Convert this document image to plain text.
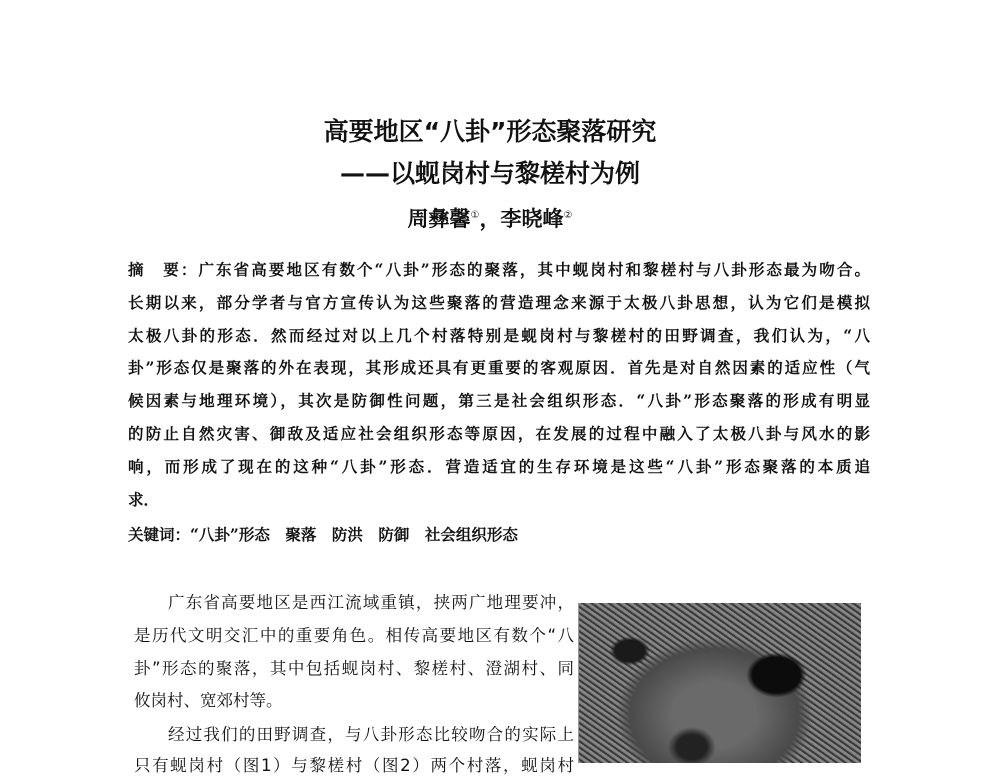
高要地区“八卦”形态聚落研究
——以蚬岗村与黎槎村为例
周彝馨①，李晓峰②
摘　要：广东省高要地区有数个“八卦”形态的聚落，其中蚬岗村和黎槎村与八卦形态最为吻合。
长期以来，部分学者与官方宣传认为这些聚落的营造理念来源于太极八卦思想，认为它们是模拟
太极八卦的形态．然而经过对以上几个村落特别是蚬岗村与黎槎村的田野调查，我们认为，“八
卦”形态仅是聚落的外在表现，其形成还具有更重要的客观原因．首先是对自然因素的适应性（气
候因素与地理环境），其次是防御性问题，第三是社会组织形态．“八卦”形态聚落的形成有明显
的防止自然灾害、御敌及适应社会组织形态等原因，在发展的过程中融入了太极八卦与风水的影
响，而形成了现在的这种“八卦”形态．营造适宜的生存环境是这些“八卦”形态聚落的本质追
求．
关键词：“八卦”形态　聚落　防洪　防御　社会组织形态
广东省高要地区是西江流域重镇，挟两广地理要冲，
是历代文明交汇中的重要角色。相传高要地区有数个“八
卦”形态的聚落，其中包括蚬岗村、黎槎村、澄湖村、同
攸岗村、宽郊村等。
经过我们的田野调查，与八卦形态比较吻合的实际上
只有蚬岗村（图1）与黎槎村（图2）两个村落，蚬岗村
